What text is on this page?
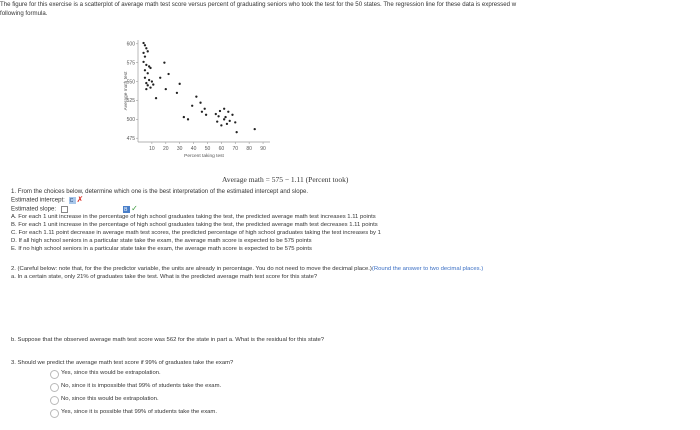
The figure for this exercise is a scatterplot of average math test score versus percent of graduating seniors who took the test for the 50 states. The regression line for these data is expressed w
following formula.
600
575
550
525
500
475
10 20 30 40 50 60 70 80 90
Percent taking test
Average math test
Average math = 575 − 1.11 (Percent took)
1. From the choices below, determine which one is the best interpretation of the estimated intercept and slope.
Estimated intercept: C ✗
Estimated slope:	B ✓
A. For each 1 unit increase in the percentage of high school graduates taking the test, the predicted average math test increases 1.11 points
B. For each 1 unit increase in the percentage of high school graduates taking the test, the predicted average math test decreases 1.11 points
C. For each 1.11 point decrease in average math test scores, the predicted percentage of high school graduates taking the test increases by 1
D. If all high school seniors in a particular state take the exam, the average math score is expected to be 575 points
E. If no high school seniors in a particular state take the exam, the average math score is expected to be 575 points
2. (Careful below: note that, for the the predictor variable, the units are already in percentage. You do not need to move the decimal place.)(Round the answer to two decimal places.)
a. In a certain state, only 21% of graduates take the test. What is the predicted average math test score for this state?
b. Suppose that the observed average math test score was 562 for the state in part a. What is the residual for this state?
3. Should we predict the average math test score if 99% of graduates take the exam?
Yes, since this would be extrapolation.
No, since it is impossible that 99% of students take the exam.
No, since this would be extrapolation.
Yes, since it is possible that 99% of students take the exam.
